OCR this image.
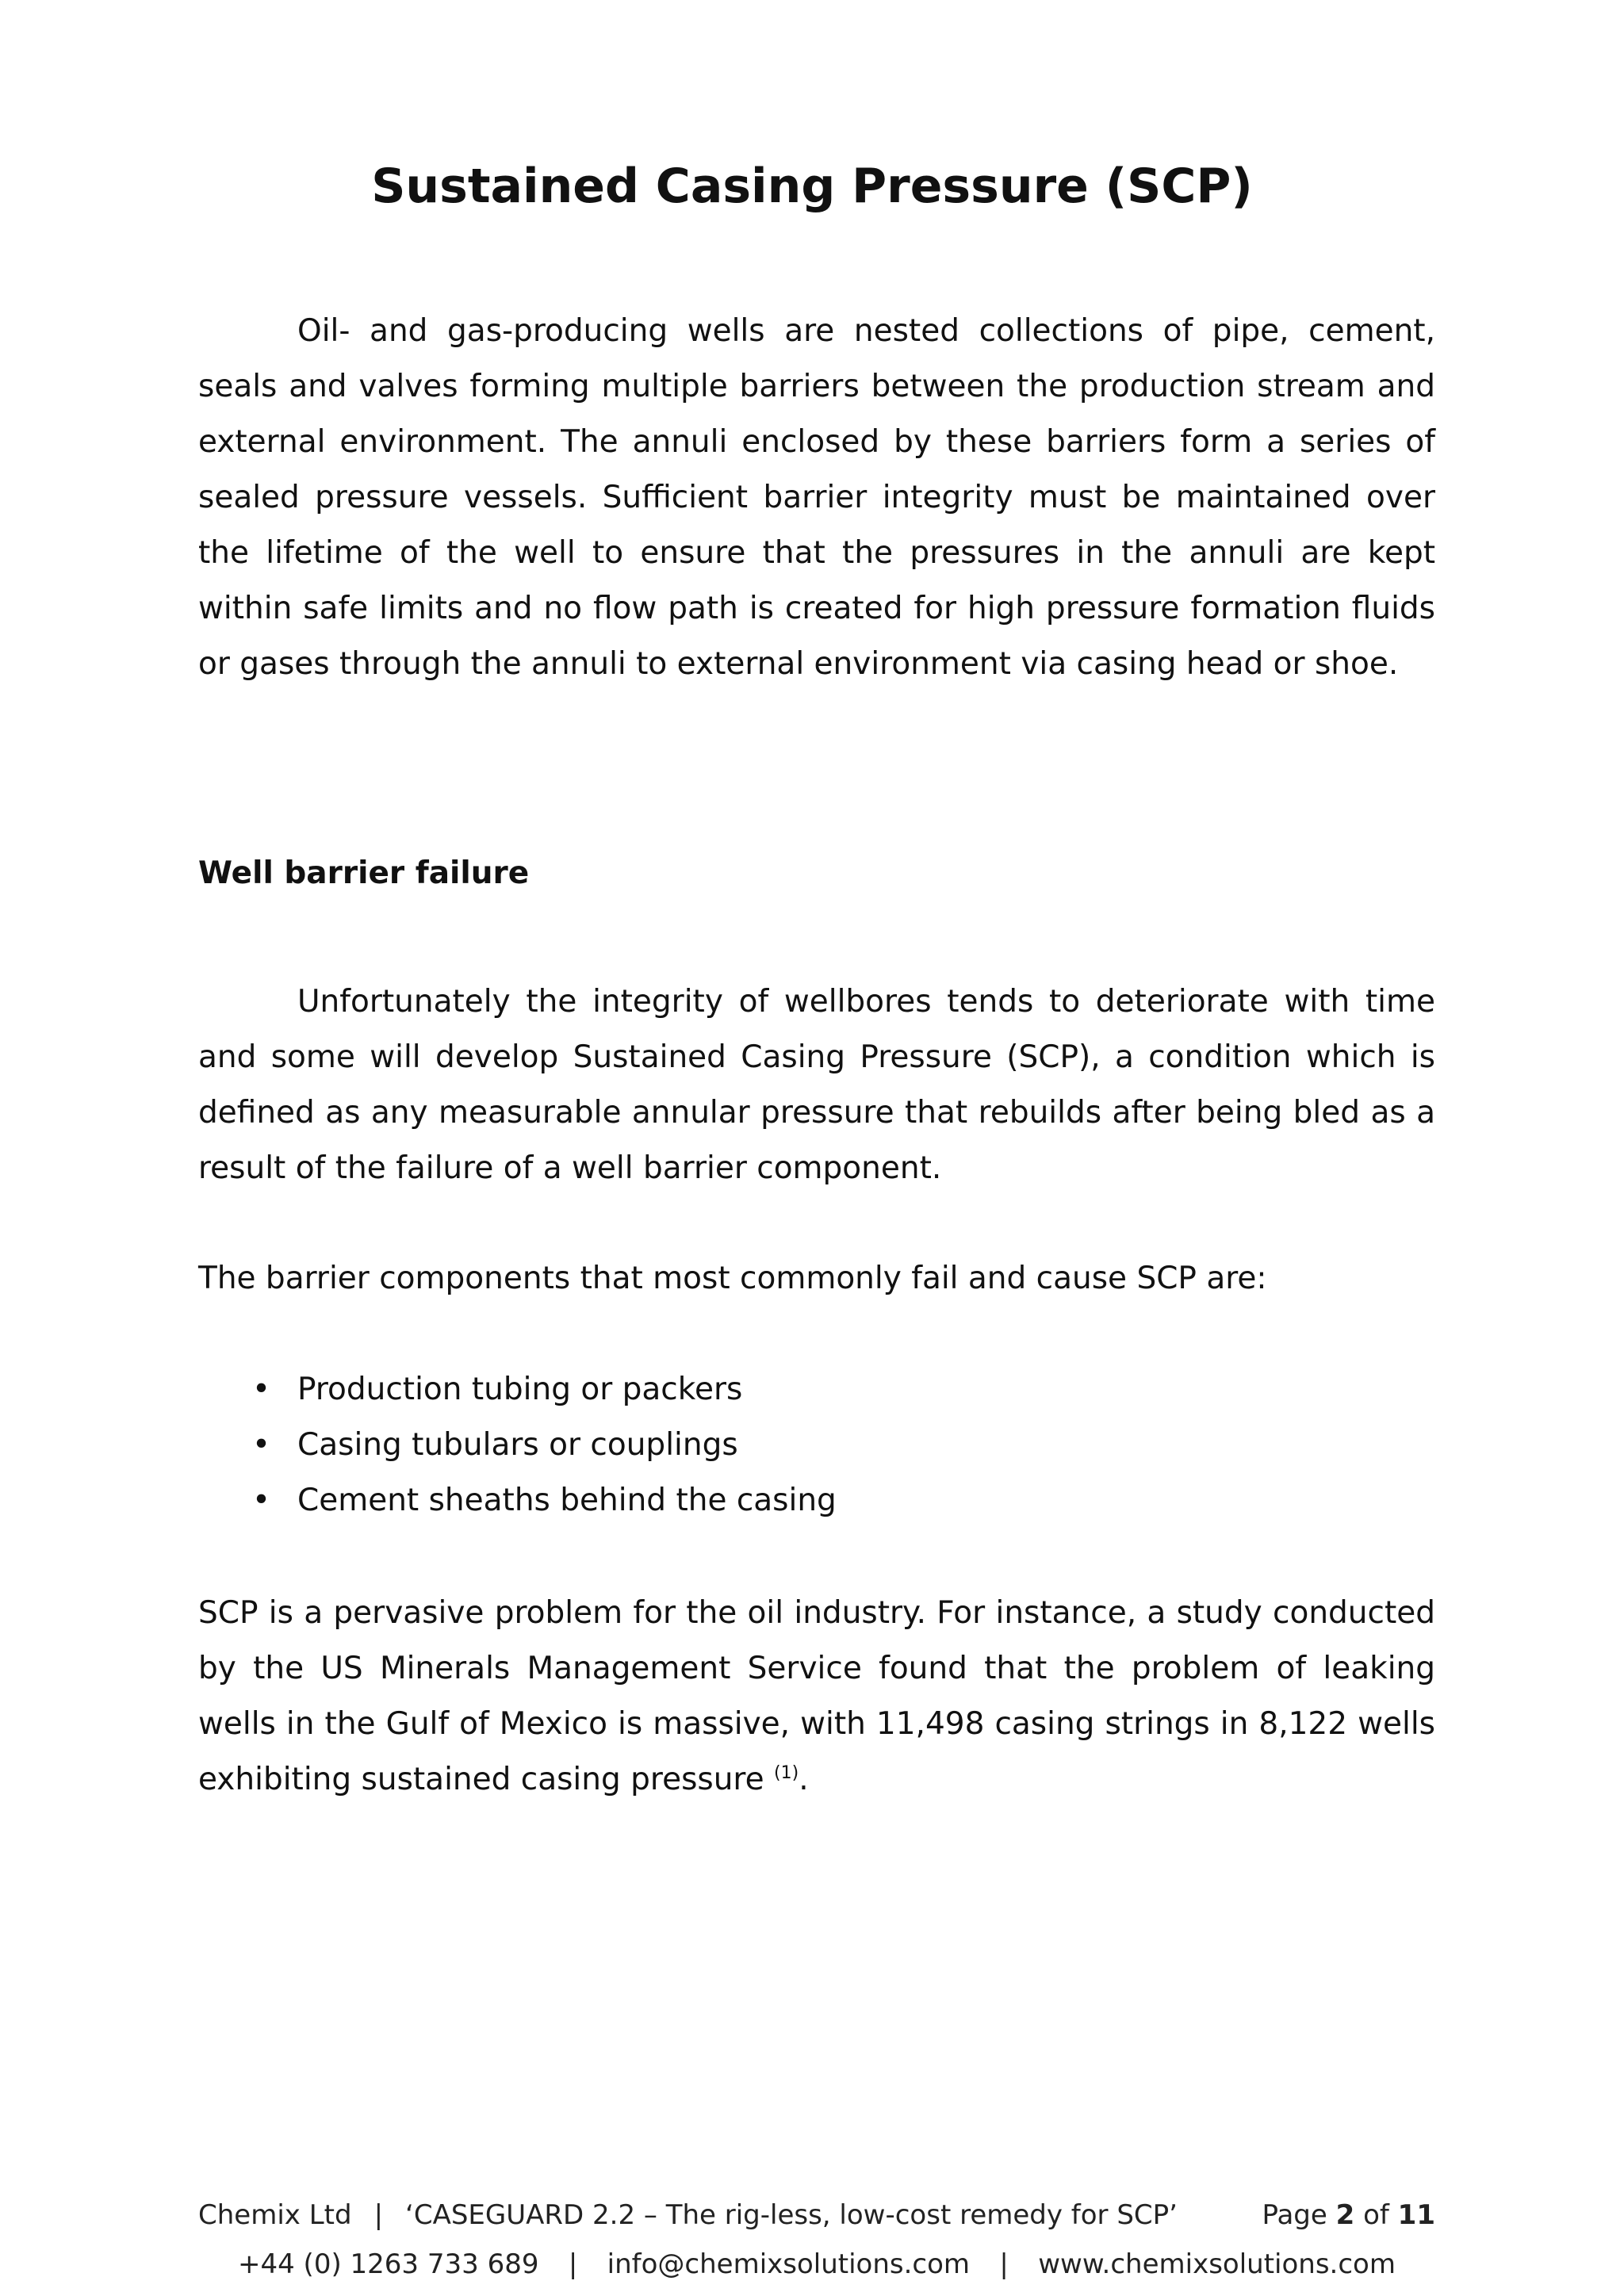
Sustained Casing Pressure (SCP)

Oil- and gas-producing wells are nested collections of pipe, cement, seals and valves forming multiple barriers between the production stream and external environment. The annuli enclosed by these barriers form a series of sealed pressure vessels. Sufficient barrier integrity must be maintained over the lifetime of the well to ensure that the pressures in the annuli are kept within safe limits and no flow path is created for high pressure formation fluids or gases through the annuli to external environment via casing head or shoe.

Well barrier failure

Unfortunately the integrity of wellbores tends to deteriorate with time and some will develop Sustained Casing Pressure (SCP), a condition which is defined as any measurable annular pressure that rebuilds after being bled as a result of the failure of a well barrier component.

The barrier components that most commonly fail and cause SCP are:

• Production tubing or packers
• Casing tubulars or couplings
• Cement sheaths behind the casing

SCP is a pervasive problem for the oil industry. For instance, a study conducted by the US Minerals Management Service found that the problem of leaking wells in the Gulf of Mexico is massive, with 11,498 casing strings in 8,122 wells exhibiting sustained casing pressure $^{(1)}$.

Chemix Ltd | ‘CASEGUARD 2.2 – The rig-less, low-cost remedy for SCP’	Page 2 of 11
+44 (0) 1263 733 689 | info@chemixsolutions.com | www.chemixsolutions.com
